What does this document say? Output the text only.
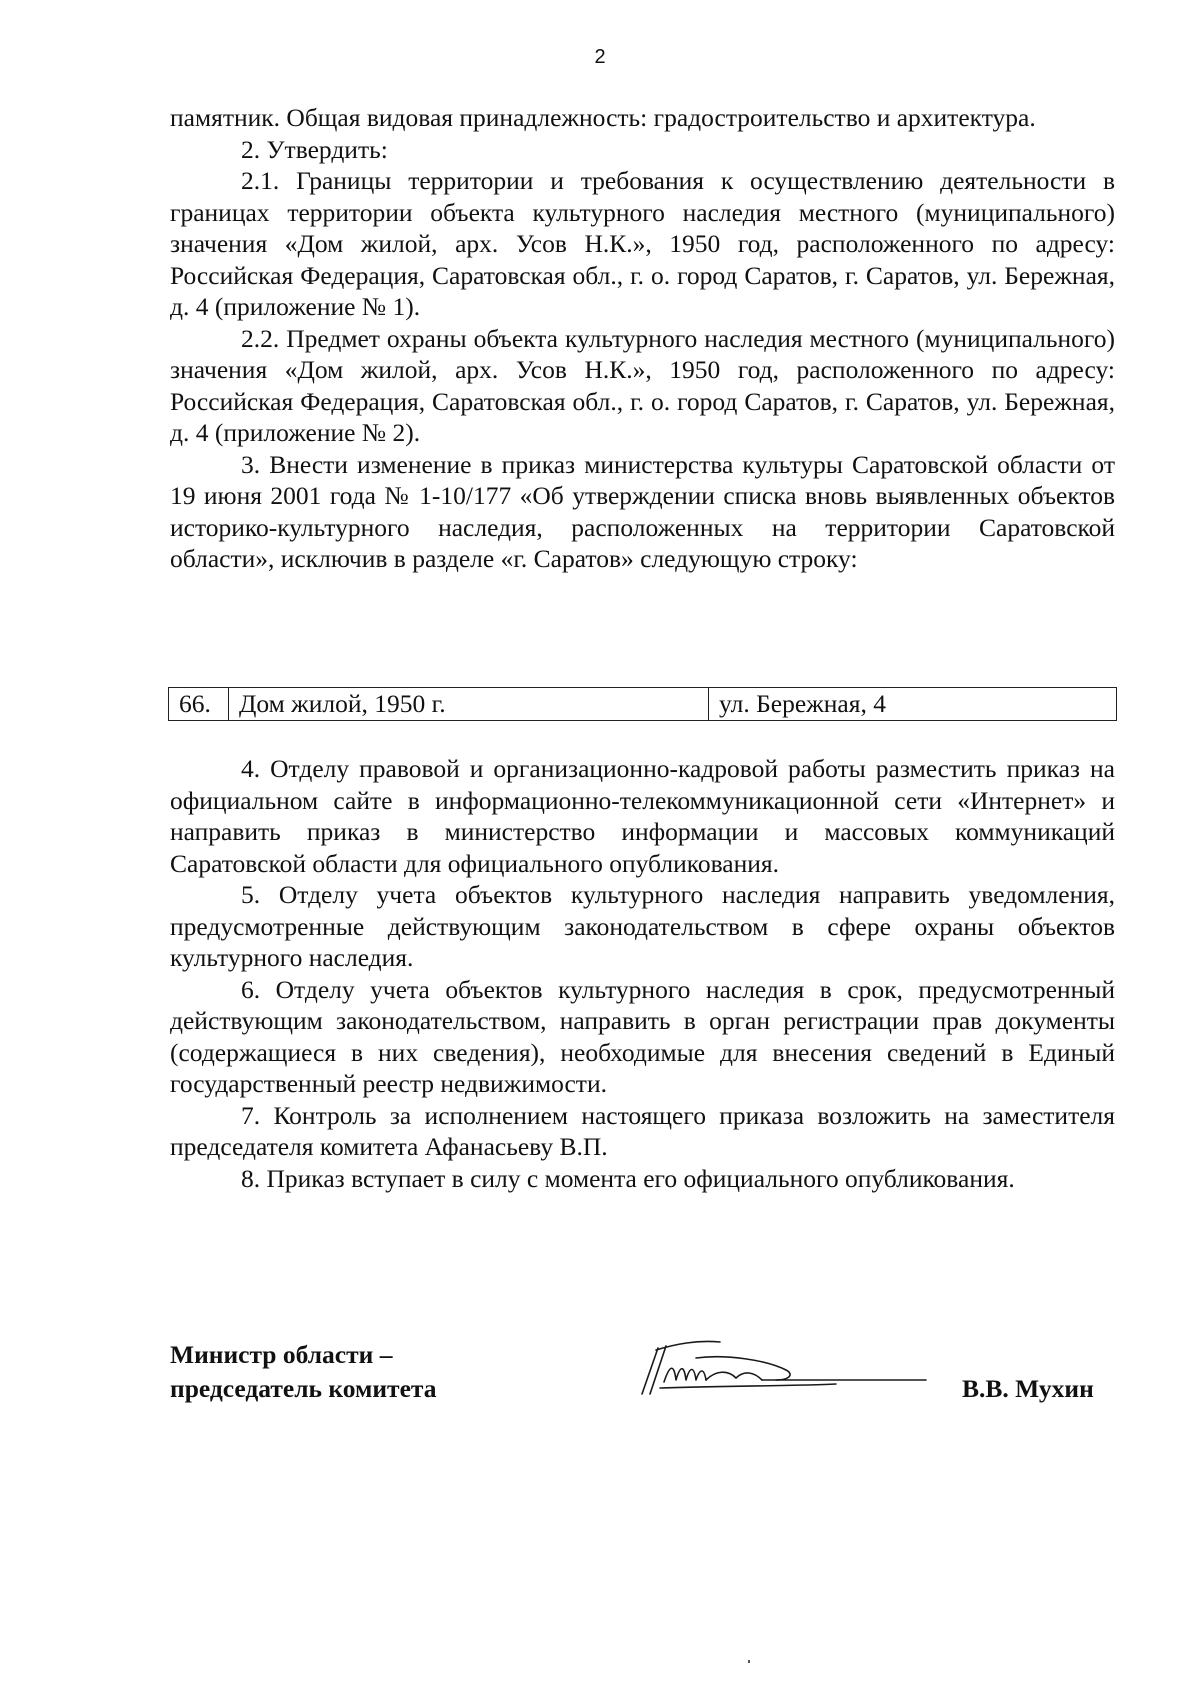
2

памятник. Общая видовая принадлежность: градостроительство и архитектура.

2. Утвердить:

2.1. Границы территории и требования к осуществлению деятельности в границах территории объекта культурного наследия местного (муниципального) значения «Дом жилой, арх. Усов Н.К.», 1950 год, расположенного по адресу: Российская Федерация, Саратовская обл., г. о. город Саратов, г. Саратов, ул. Бережная, д. 4 (приложение № 1).

2.2. Предмет охраны объекта культурного наследия местного (муниципального) значения «Дом жилой, арх. Усов Н.К.», 1950 год, расположенного по адресу: Российская Федерация, Саратовская обл., г. о. город Саратов, г. Саратов, ул. Бережная, д. 4 (приложение № 2).

3. Внести изменение в приказ министерства культуры Саратовской области от 19 июня 2001 года № 1-10/177 «Об утверждении списка вновь выявленных объектов историко-культурного наследия, расположенных на территории Саратовской области», исключив в разделе «г. Саратов» следующую строку:

66.	Дом жилой, 1950 г.	ул. Бережная, 4

4. Отделу правовой и организационно-кадровой работы разместить приказ на официальном сайте в информационно-телекоммуникационной сети «Интернет» и направить приказ в министерство информации и массовых коммуникаций Саратовской области для официального опубликования.

5. Отделу учета объектов культурного наследия направить уведомления, предусмотренные действующим законодательством в сфере охраны объектов культурного наследия.

6. Отделу учета объектов культурного наследия в срок, предусмотренный действующим законодательством, направить в орган регистрации прав документы (содержащиеся в них сведения), необходимые для внесения сведений в Единый государственный реестр недвижимости.

7. Контроль за исполнением настоящего приказа возложить на заместителя председателя комитета Афанасьеву В.П.

8. Приказ вступает в силу с момента его официального опубликования.

Министр области –
председатель комитета	В.В. Мухин
